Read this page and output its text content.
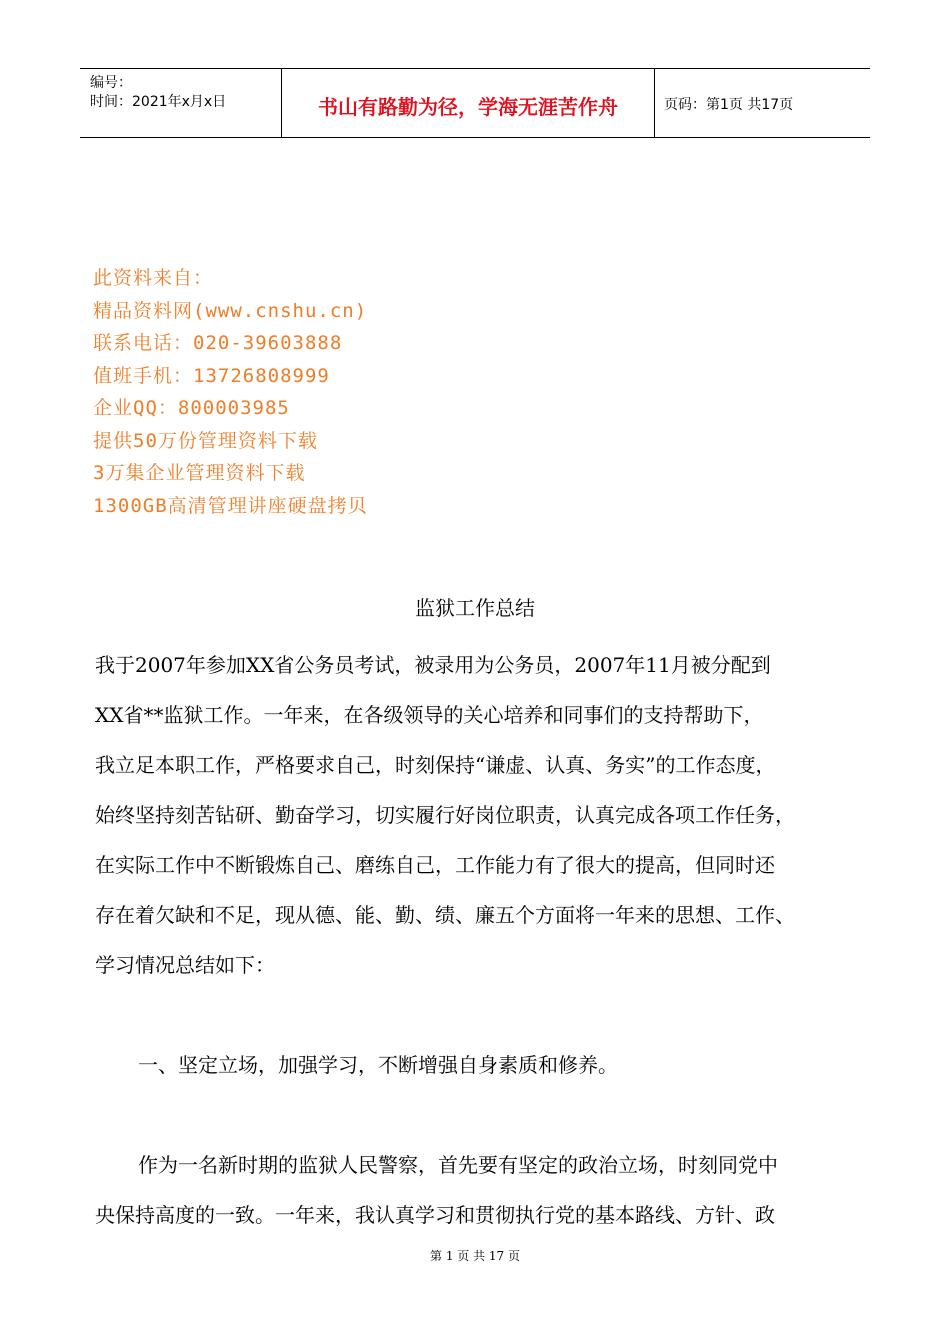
编号：
时间：2021年x月x日	书山有路勤为径，学海无涯苦作舟	页码：第1页 共17页
此资料来自：
精品资料网(www.cnshu.cn)
联系电话：020-39603888
值班手机：13726808999
企业QQ：800003985
提供50万份管理资料下载
3万集企业管理资料下载
1300GB高清管理讲座硬盘拷贝
监狱工作总结
我于2007年参加XX省公务员考试，被录用为公务员，2007年11月被分配到
XX省**监狱工作。一年来，在各级领导的关心培养和同事们的支持帮助下，
我立足本职工作，严格要求自己，时刻保持“谦虚、认真、务实”的工作态度，
始终坚持刻苦钻研、勤奋学习，切实履行好岗位职责，认真完成各项工作任务，
在实际工作中不断锻炼自己、磨练自己，工作能力有了很大的提高，但同时还
存在着欠缺和不足，现从德、能、勤、绩、廉五个方面将一年来的思想、工作、
学习情况总结如下：
一、坚定立场，加强学习，不断增强自身素质和修养。
作为一名新时期的监狱人民警察，首先要有坚定的政治立场，时刻同党中
央保持高度的一致。一年来，我认真学习和贯彻执行党的基本路线、方针、政
第 1 页 共 17 页
